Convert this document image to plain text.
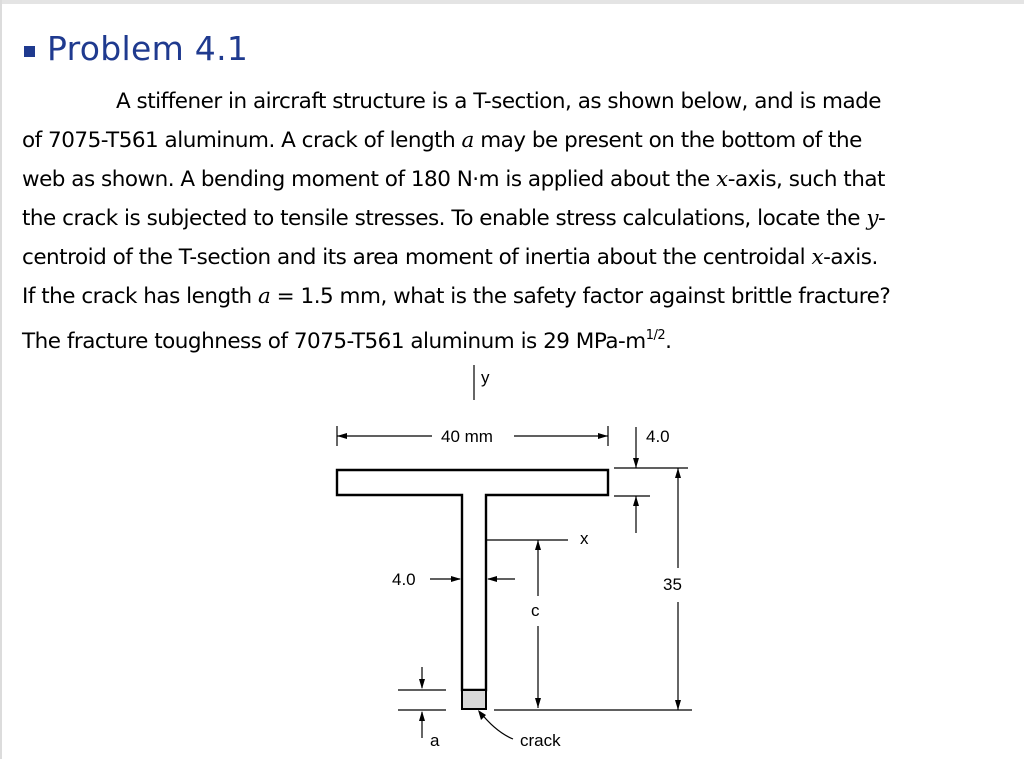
Problem 4.1
A stiffener in aircraft structure is a T-section, as shown below, and is made
of 7075-T561 aluminum. A crack of length a may be present on the bottom of the
web as shown. A bending moment of 180 N·m is applied about the x-axis, such that
the crack is subjected to tensile stresses. To enable stress calculations, locate the y-
centroid of the T-section and its area moment of inertia about the centroidal x-axis.
If the crack has length a = 1.5 mm, what is the safety factor against brittle fracture?
The fracture toughness of 7075-T561 aluminum is 29 MPa-$m^{1/2}$.
y
40 mm	4.0
x
4.0	35
c
a	crack
